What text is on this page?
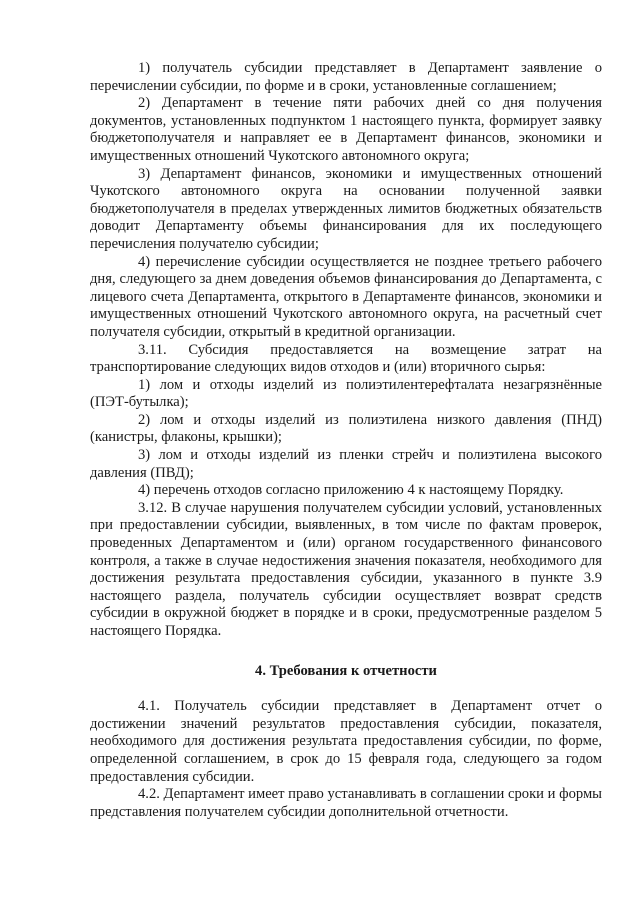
1) получатель субсидии представляет в Департамент заявление о перечислении субсидии, по форме и в сроки, установленные соглашением;

2) Департамент в течение пяти рабочих дней со дня получения документов, установленных подпунктом 1 настоящего пункта, формирует заявку бюджетополучателя и направляет ее в Департамент финансов, экономики и имущественных отношений Чукотского автономного округа;

3) Департамент финансов, экономики и имущественных отношений Чукотского автономного округа на основании полученной заявки бюджетополучателя в пределах утвержденных лимитов бюджетных обязательств доводит Департаменту объемы финансирования для их последующего перечисления получателю субсидии;

4) перечисление субсидии осуществляется не позднее третьего рабочего дня, следующего за днем доведения объемов финансирования до Департамента, с лицевого счета Департамента, открытого в Департаменте финансов, экономики и имущественных отношений Чукотского автономного округа, на расчетный счет получателя субсидии, открытый в кредитной организации.

3.11. Субсидия предоставляется на возмещение затрат на транспортирование следующих видов отходов и (или) вторичного сырья:

1) лом и отходы изделий из полиэтилентерефталата незагрязнённые (ПЭТ-бутылка);

2) лом и отходы изделий из полиэтилена низкого давления (ПНД) (канистры, флаконы, крышки);

3) лом и отходы изделий из пленки стрейч и полиэтилена высокого давления (ПВД);

4) перечень отходов согласно приложению 4 к настоящему Порядку.

3.12. В случае нарушения получателем субсидии условий, установленных при предоставлении субсидии, выявленных, в том числе по фактам проверок, проведенных Департаментом и (или) органом государственного финансового контроля, а также в случае недостижения значения показателя, необходимого для достижения результата предоставления субсидии, указанного в пункте 3.9 настоящего раздела, получатель субсидии осуществляет возврат средств субсидии в окружной бюджет в порядке и в сроки, предусмотренные разделом 5 настоящего Порядка.

4. Требования к отчетности

4.1. Получатель субсидии представляет в Департамент отчет о достижении значений результатов предоставления субсидии, показателя, необходимого для достижения результата предоставления субсидии, по форме, определенной соглашением, в срок до 15 февраля года, следующего за годом предоставления субсидии.

4.2. Департамент имеет право устанавливать в соглашении сроки и формы представления получателем субсидии дополнительной отчетности.
